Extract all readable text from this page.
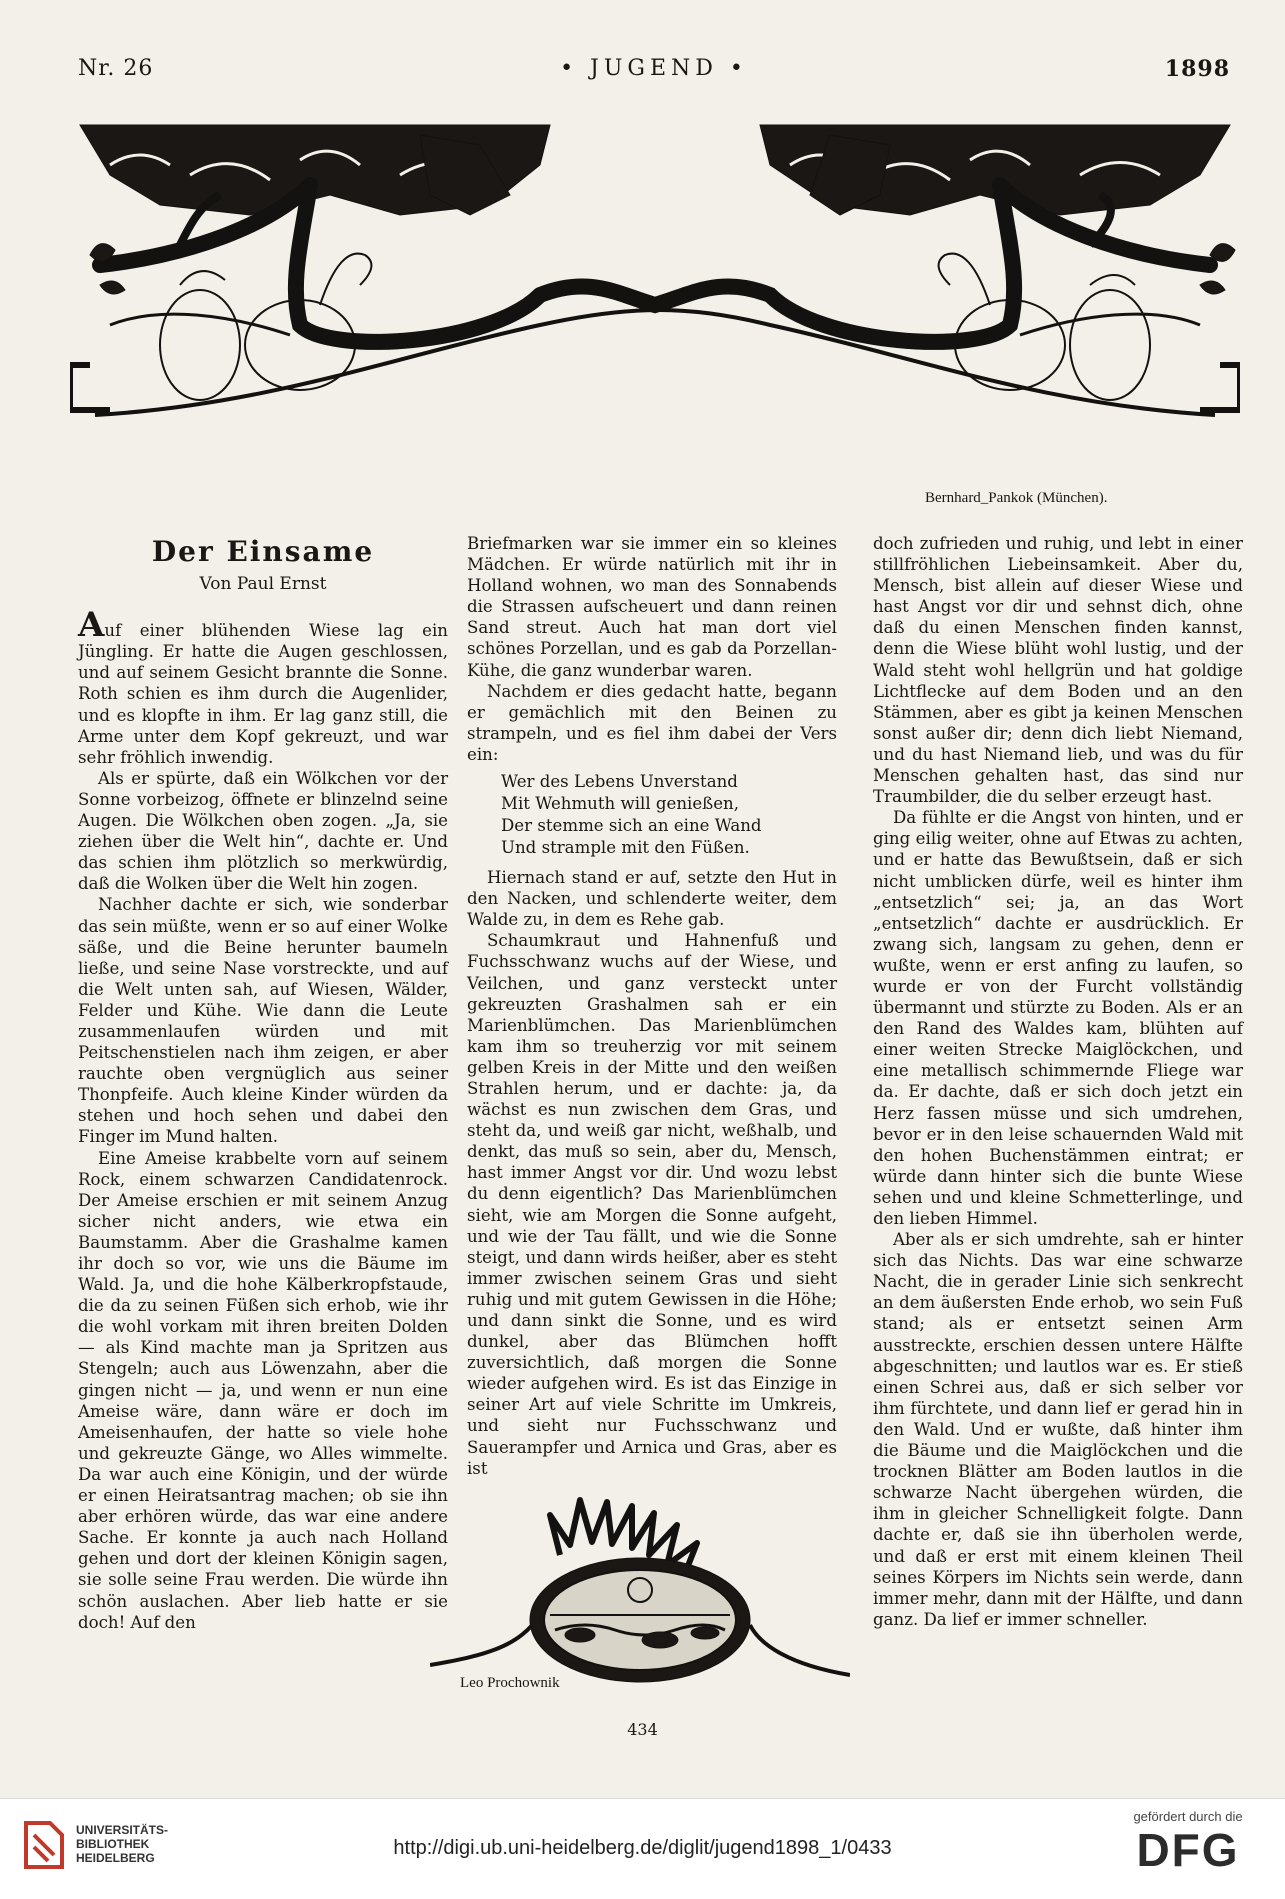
Nr. 26	• JUGEND •	1898
Bernhard_Pankok (München).
Der Einsame
Von Paul Ernst

Auf einer blühenden Wiese lag ein Jüngling. Er hatte die Augen geschlossen, und auf seinem Gesicht brannte die Sonne. Roth schien es ihm durch die Augenlider, und es klopfte in ihm. Er lag ganz still, die Arme unter dem Kopf gekreuzt, und war sehr fröhlich inwendig.

Als er spürte, daß ein Wölkchen vor der Sonne vorbeizog, öffnete er blinzelnd seine Augen. Die Wölkchen oben zogen. „Ja, sie ziehen über die Welt hin“, dachte er. Und das schien ihm plötzlich so merkwürdig, daß die Wolken über die Welt hin zogen.

Nachher dachte er sich, wie sonderbar das sein müßte, wenn er so auf einer Wolke säße, und die Beine herunter baumeln ließe, und seine Nase vorstreckte, und auf die Welt unten sah, auf Wiesen, Wälder, Felder und Kühe. Wie dann die Leute zusammenlaufen würden und mit Peitschenstielen nach ihm zeigen, er aber rauchte oben vergnüglich aus seiner Thonpfeife. Auch kleine Kinder würden da stehen und hoch sehen und dabei den Finger im Mund halten.

Eine Ameise krabbelte vorn auf seinem Rock, einem schwarzen Candidatenrock. Der Ameise erschien er mit seinem Anzug sicher nicht anders, wie etwa ein Baumstamm. Aber die Grashalme kamen ihr doch so vor, wie uns die Bäume im Wald. Ja, und die hohe Kälberkropfstaude, die da zu seinen Füßen sich erhob, wie ihr die wohl vorkam mit ihren breiten Dolden — als Kind machte man ja Spritzen aus Stengeln; auch aus Löwenzahn, aber die gingen nicht — ja, und wenn er nun eine Ameise wäre, dann wäre er doch im Ameisenhaufen, der hatte so viele hohe und gekreuzte Gänge, wo Alles wimmelte. Da war auch eine Königin, und der würde er einen Heiratsantrag machen; ob sie ihn aber erhören würde, das war eine andere Sache. Er konnte ja auch nach Holland gehen und dort der kleinen Königin sagen, sie solle seine Frau werden. Die würde ihn schön auslachen. Aber lieb hatte er sie doch! Auf den

Briefmarken war sie immer ein so kleines Mädchen. Er würde natürlich mit ihr in Holland wohnen, wo man des Sonnabends die Strassen aufscheuert und dann reinen Sand streut. Auch hat man dort viel schönes Porzellan, und es gab da Porzellan-Kühe, die ganz wunderbar waren.

Nachdem er dies gedacht hatte, begann er gemächlich mit den Beinen zu strampeln, und es fiel ihm dabei der Vers ein:

Wer des Lebens Unverstand
Mit Wehmuth will genießen,
Der stemme sich an eine Wand
Und strample mit den Füßen.

Hiernach stand er auf, setzte den Hut in den Nacken, und schlenderte weiter, dem Walde zu, in dem es Rehe gab.

Schaumkraut und Hahnenfuß und Fuchsschwanz wuchs auf der Wiese, und Veilchen, und ganz versteckt unter gekreuzten Grashalmen sah er ein Marienblümchen. Das Marienblümchen kam ihm so treuherzig vor mit seinem gelben Kreis in der Mitte und den weißen Strahlen herum, und er dachte: ja, da wächst es nun zwischen dem Gras, und steht da, und weiß gar nicht, weßhalb, und denkt, das muß so sein, aber du, Mensch, hast immer Angst vor dir. Und wozu lebst du denn eigentlich? Das Marienblümchen sieht, wie am Morgen die Sonne aufgeht, und wie der Tau fällt, und wie die Sonne steigt, und dann wirds heißer, aber es steht immer zwischen seinem Gras und sieht ruhig und mit gutem Gewissen in die Höhe; und dann sinkt die Sonne, und es wird dunkel, aber das Blümchen hofft zuversichtlich, daß morgen die Sonne wieder aufgehen wird. Es ist das Einzige in seiner Art auf viele Schritte im Umkreis, und sieht nur Fuchsschwanz und Sauerampfer und Arnica und Gras, aber es ist

doch zufrieden und ruhig, und lebt in einer stillfröhlichen Liebeinsamkeit. Aber du, Mensch, bist allein auf dieser Wiese und hast Angst vor dir und sehnst dich, ohne daß du einen Menschen finden kannst, denn die Wiese blüht wohl lustig, und der Wald steht wohl hellgrün und hat goldige Lichtflecke auf dem Boden und an den Stämmen, aber es gibt ja keinen Menschen sonst außer dir; denn dich liebt Niemand, und du hast Niemand lieb, und was du für Menschen gehalten hast, das sind nur Traumbilder, die du selber erzeugt hast.

Da fühlte er die Angst von hinten, und er ging eilig weiter, ohne auf Etwas zu achten, und er hatte das Bewußtsein, daß er sich nicht umblicken dürfe, weil es hinter ihm „entsetzlich“ sei; ja, an das Wort „entsetzlich“ dachte er ausdrücklich. Er zwang sich, langsam zu gehen, denn er wußte, wenn er erst anfing zu laufen, so wurde er von der Furcht vollständig übermannt und stürzte zu Boden. Als er an den Rand des Waldes kam, blühten auf einer weiten Strecke Maiglöckchen, und eine metallisch schimmernde Fliege war da. Er dachte, daß er sich doch jetzt ein Herz fassen müsse und sich umdrehen, bevor er in den leise schauernden Wald mit den hohen Buchenstämmen eintrat; er würde dann hinter sich die bunte Wiese sehen und und kleine Schmetterlinge, und den lieben Himmel.

Aber als er sich umdrehte, sah er hinter sich das Nichts. Das war eine schwarze Nacht, die in gerader Linie sich senkrecht an dem äußersten Ende erhob, wo sein Fuß stand; als er entsetzt seinen Arm ausstreckte, erschien dessen untere Hälfte abgeschnitten; und lautlos war es. Er stieß einen Schrei aus, daß er sich selber vor ihm fürchtete, und dann lief er gerad hin in den Wald. Und er wußte, daß hinter ihm die Bäume und die Maiglöckchen und die trocknen Blätter am Boden lautlos in die schwarze Nacht übergehen würden, die ihm in gleicher Schnelligkeit folgte. Dann dachte er, daß sie ihn überholen werde, und daß er erst mit einem kleinen Theil seines Körpers im Nichts sein werde, dann immer mehr, dann mit der Hälfte, und dann ganz. Da lief er immer schneller.

Leo Prochownik
434
UNIVERSITÄTS-
BIBLIOTHEK
HEIDELBERG	http://digi.ub.uni-heidelberg.de/diglit/jugend1898_1/0433
gefördert durch die
DFG
